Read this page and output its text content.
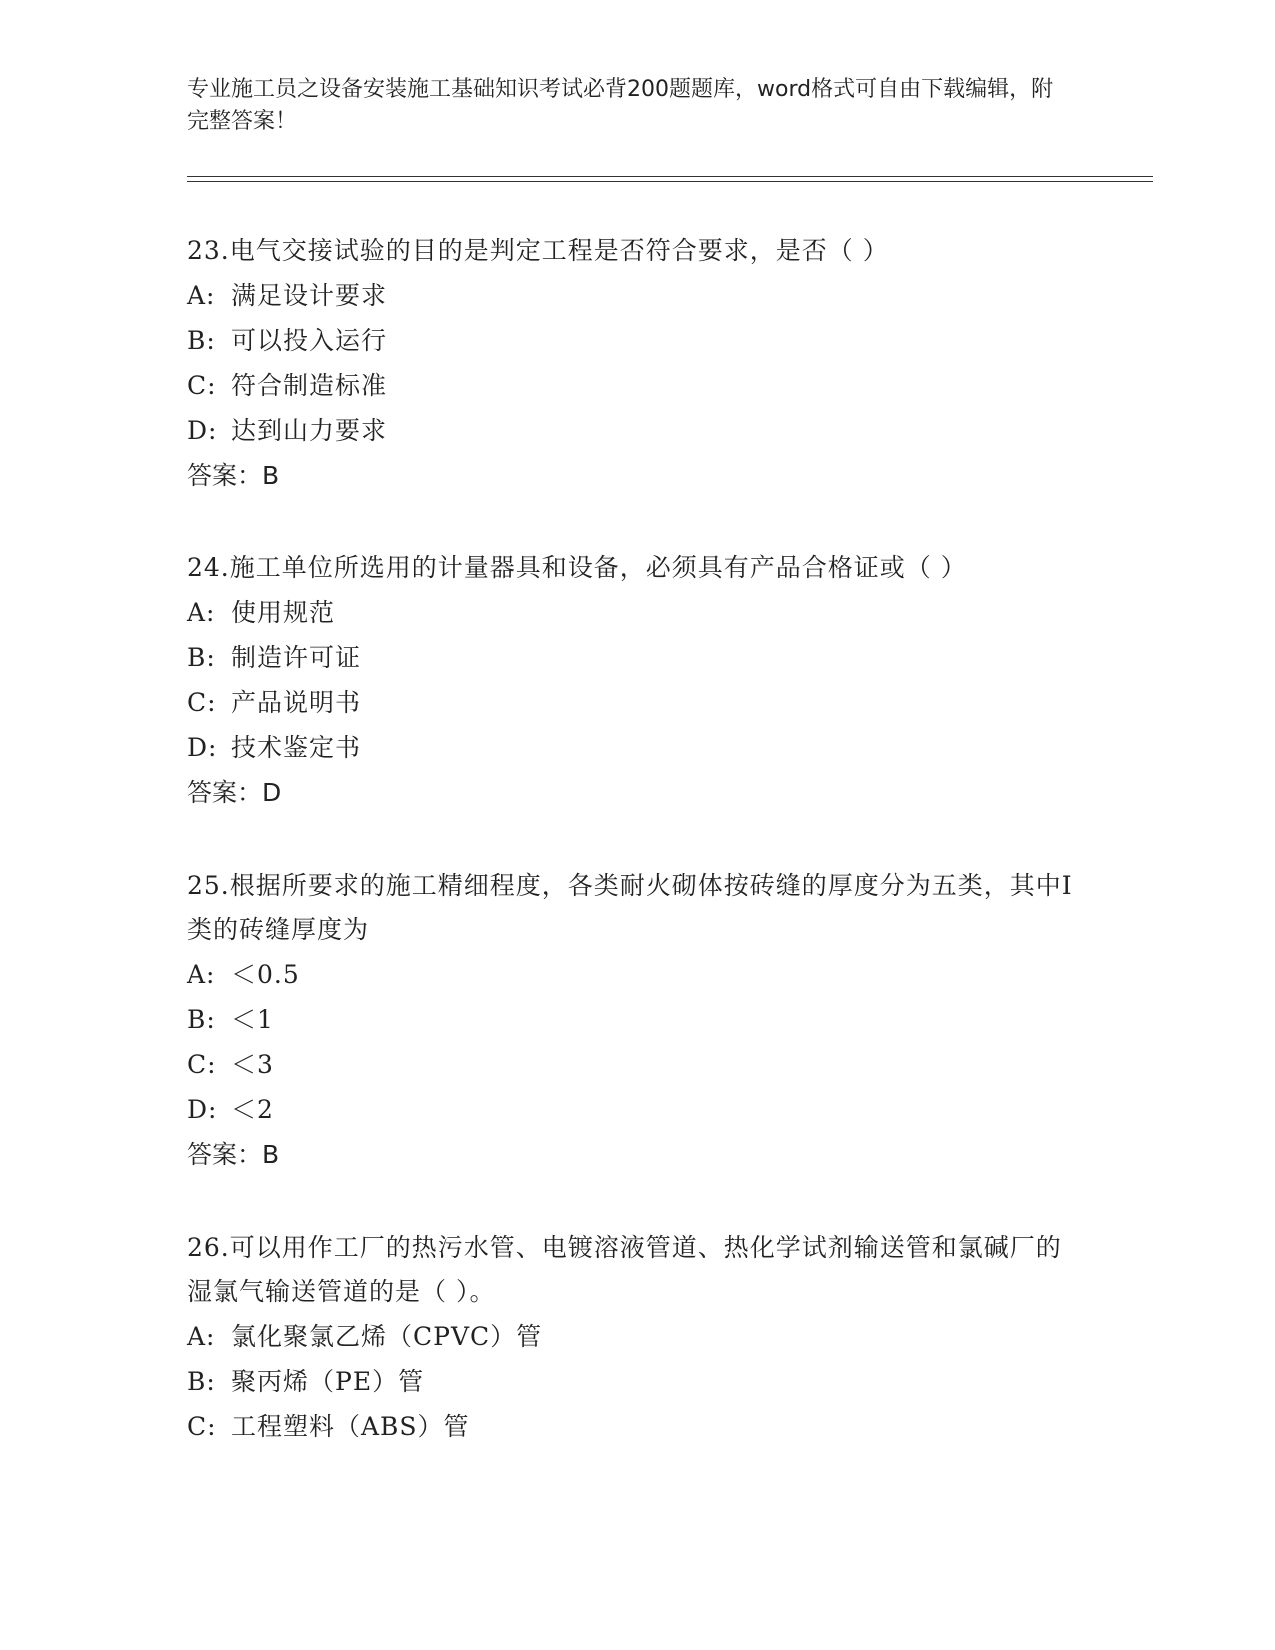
专业施工员之设备安装施工基础知识考试必背200题题库，word格式可自由下载编辑，附完整答案！
23.电气交接试验的目的是判定工程是否符合要求，是否（ ）
A: 满足设计要求
B: 可以投入运行
C: 符合制造标准
D: 达到山力要求
答案：B
24.施工单位所选用的计量器具和设备，必须具有产品合格证或（ ）
A: 使用规范
B: 制造许可证
C: 产品说明书
D: 技术鉴定书
答案：D
25.根据所要求的施工精细程度，各类耐火砌体按砖缝的厚度分为五类，其中Ⅰ类的砖缝厚度为
A: ＜0.5
B: ＜1
C: ＜3
D: ＜2
答案：B
26.可以用作工厂的热污水管、电镀溶液管道、热化学试剂输送管和氯碱厂的湿氯气输送管道的是（ ）。
A: 氯化聚氯乙烯（CPVC）管
B: 聚丙烯（PE）管
C: 工程塑料（ABS）管
